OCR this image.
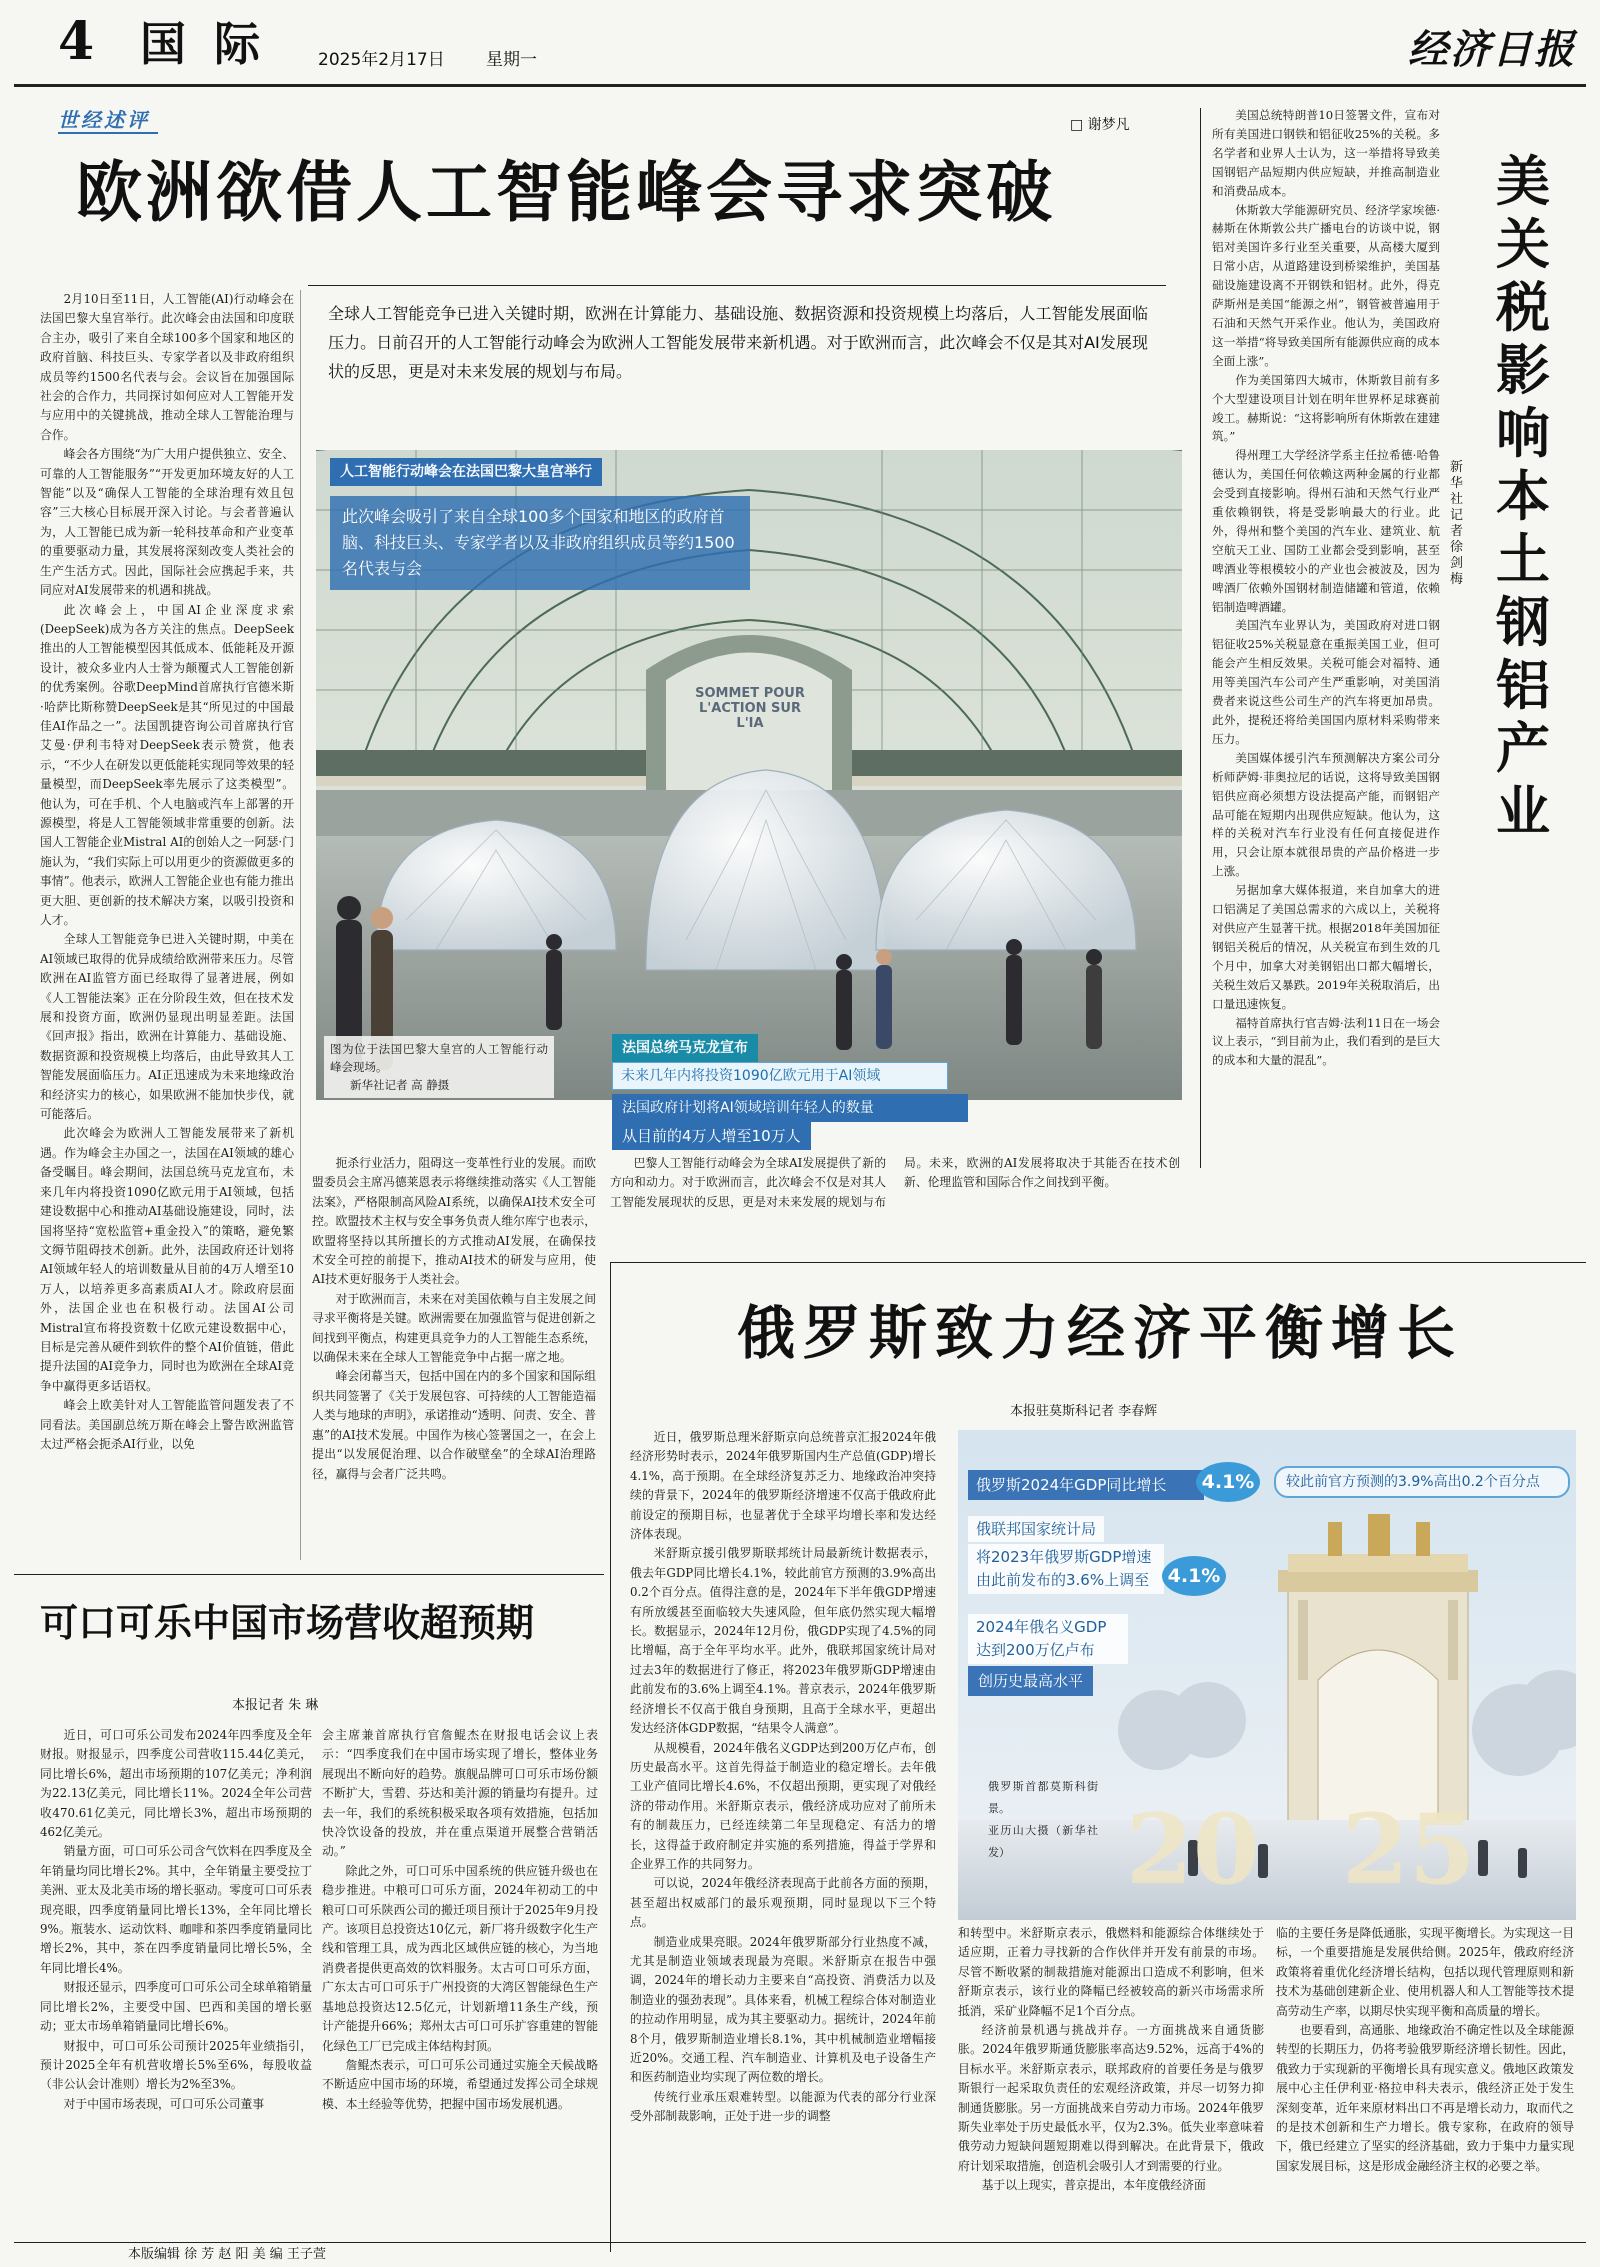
4 国 际	2025年2月17日 星期一	经济日报
世经述评	□ 谢梦凡
欧洲欲借人工智能峰会寻求突破
全球人工智能竞争已进入关键时期，欧洲在计算能力、基础设施、数据资源和投资规模上均落后，人工智能发展面临压力。日前召开的人工智能行动峰会为欧洲人工智能发展带来新机遇。对于欧洲而言，此次峰会不仅是其对AI发展现状的反思，更是对未来发展的规划与布局。

2月10日至11日，人工智能(AI)行动峰会在法国巴黎大皇宫举行。此次峰会由法国和印度联合主办，吸引了来自全球100多个国家和地区的政府首脑、科技巨头、专家学者以及非政府组织成员等约1500名代表与会。会议旨在加强国际社会的合作力，共同探讨如何应对人工智能开发与应用中的关键挑战，推动全球人工智能治理与合作。

峰会各方围绕“为广大用户提供独立、安全、可靠的人工智能服务”“开发更加环境友好的人工智能”以及“确保人工智能的全球治理有效且包容”三大核心目标展开深入讨论。与会者普遍认为，人工智能已成为新一轮科技革命和产业变革的重要驱动力量，其发展将深刻改变人类社会的生产生活方式。因此，国际社会应携起手来，共同应对AI发展带来的机遇和挑战。

此次峰会上，中国AI企业深度求索(DeepSeek)成为各方关注的焦点。DeepSeek推出的人工智能模型因其低成本、低能耗及开源设计，被众多业内人士誉为颠覆式人工智能创新的优秀案例。谷歌DeepMind首席执行官德米斯·哈萨比斯称赞DeepSeek是其“所见过的中国最佳AI作品之一”。法国凯捷咨询公司首席执行官艾曼·伊利韦特对DeepSeek表示赞赏，他表示，“不少人在研发以更低能耗实现同等效果的轻量模型，而DeepSeek率先展示了这类模型”。他认为，可在手机、个人电脑或汽车上部署的开源模型，将是人工智能领域非常重要的创新。法国人工智能企业Mistral AI的创始人之一阿瑟·门施认为，“我们实际上可以用更少的资源做更多的事情”。他表示，欧洲人工智能企业也有能力推出更大胆、更创新的技术解决方案，以吸引投资和人才。

全球人工智能竞争已进入关键时期，中美在AI领域已取得的优异成绩给欧洲带来压力。尽管欧洲在AI监管方面已经取得了显著进展，例如《人工智能法案》正在分阶段生效，但在技术发展和投资方面，欧洲仍显现出明显差距。法国《回声报》指出，欧洲在计算能力、基础设施、数据资源和投资规模上均落后，由此导致其人工智能发展面临压力。AI正迅速成为未来地缘政治和经济实力的核心，如果欧洲不能加快步伐，就可能落后。

此次峰会为欧洲人工智能发展带来了新机遇。作为峰会主办国之一，法国在AI领域的雄心备受瞩目。峰会期间，法国总统马克龙宣布，未来几年内将投资1090亿欧元用于AI领域，包括建设数据中心和推动AI基础设施建设，同时，法国将坚持“宽松监管+重金投入”的策略，避免繁文缛节阻碍技术创新。此外，法国政府还计划将AI领域年轻人的培训数量从目前的4万人增至10万人，以培养更多高素质AI人才。除政府层面外，法国企业也在积极行动。法国AI公司Mistral宣布将投资数十亿欧元建设数据中心，目标是完善从硬件到软件的整个AI价值链，借此提升法国的AI竞争力，同时也为欧洲在全球AI竞争中赢得更多话语权。

峰会上欧美针对人工智能监管问题发表了不同看法。美国副总统万斯在峰会上警告欧洲监管太过严格会扼杀AI行业，以免

SOMMET POUR L'ACTION SUR L'IA
人工智能行动峰会在法国巴黎大皇宫举行
此次峰会吸引了来自全球100多个国家和地区的政府首脑、科技巨头、专家学者以及非政府组织成员等约1500名代表与会
图为位于法国巴黎大皇宫的人工智能行动峰会现场。
新华社记者 高 静摄
法国总统马克龙宣布
未来几年内将投资1090亿欧元用于AI领域
法国政府计划将AI领域培训年轻人的数量
从目前的4万人增至10万人

扼杀行业活力，阻碍这一变革性行业的发展。而欧盟委员会主席冯德莱恩表示将继续推动落实《人工智能法案》，严格限制高风险AI系统，以确保AI技术安全可控。欧盟技术主权与安全事务负责人维尔库宁也表示，欧盟将坚持以其所擅长的方式推动AI发展，在确保技术安全可控的前提下，推动AI技术的研发与应用，使AI技术更好服务于人类社会。

对于欧洲而言，未来在对美国依赖与自主发展之间寻求平衡将是关键。欧洲需要在加强监管与促进创新之间找到平衡点，构建更具竞争力的人工智能生态系统，以确保未来在全球人工智能竞争中占据一席之地。

峰会闭幕当天，包括中国在内的多个国家和国际组织共同签署了《关于发展包容、可持续的人工智能造福人类与地球的声明》，承诺推动“透明、问责、安全、普惠”的AI技术发展。中国作为核心签署国之一，在会上提出“以发展促治理、以合作破壁垒”的全球AI治理路径，赢得与会者广泛共鸣。

巴黎人工智能行动峰会为全球AI发展提供了新的方向和动力。对于欧洲而言，此次峰会不仅是对其人工智能发展现状的反思，更是对未来发展的规划与布局。未来，欧洲的AI发展将取决于其能否在技术创新、伦理监管和国际合作之间找到平衡。

美国总统特朗普10日签署文件，宣布对所有美国进口钢铁和铝征收25%的关税。多名学者和业界人士认为，这一举措将导致美国钢铝产品短期内供应短缺，并推高制造业和消费品成本。

休斯敦大学能源研究员、经济学家埃德·赫斯在休斯敦公共广播电台的访谈中说，钢铝对美国许多行业至关重要，从高楼大厦到日常小店，从道路建设到桥梁维护，美国基础设施建设离不开钢铁和铝材。此外，得克萨斯州是美国“能源之州”，钢管被普遍用于石油和天然气开采作业。他认为，美国政府这一举措“将导致美国所有能源供应商的成本全面上涨”。

作为美国第四大城市，休斯敦目前有多个大型建设项目计划在明年世界杯足球赛前竣工。赫斯说：“这将影响所有休斯敦在建建筑。”

得州理工大学经济学系主任拉希德·哈鲁德认为，美国任何依赖这两种金属的行业都会受到直接影响。得州石油和天然气行业严重依赖钢铁，将是受影响最大的行业。此外，得州和整个美国的汽车业、建筑业、航空航天工业、国防工业都会受到影响，甚至啤酒业等根模较小的产业也会被波及，因为啤酒厂依赖外国钢材制造储罐和管道，依赖铝制造啤酒罐。

美国汽车业界认为，美国政府对进口钢铝征收25%关税显意在重振美国工业，但可能会产生相反效果。关税可能会对福特、通用等美国汽车公司产生严重影响，对美国消费者来说这些公司生产的汽车将更加昂贵。此外，提税还将给美国国内原材料采购带来压力。

美国媒体援引汽车预测解决方案公司分析师萨姆·菲奥拉尼的话说，这将导致美国钢铝供应商必须想方设法提高产能，而钢铝产品可能在短期内出现供应短缺。他认为，这样的关税对汽车行业没有任何直接促进作用，只会让原本就很昂贵的产品价格进一步上涨。

另据加拿大媒体报道，来自加拿大的进口铝满足了美国总需求的六成以上，关税将对供应产生显著干扰。根据2018年美国加征钢铝关税后的情况，从关税宣布到生效的几个月中，加拿大对美钢铝出口都大幅增长，关税生效后又暴跌。2019年关税取消后，出口量迅速恢复。

福特首席执行官吉姆·法利11日在一场会议上表示，“到目前为止，我们看到的是巨大的成本和大量的混乱”。

美关税影响本土钢铝产业
新华社记者 徐剑梅
俄罗斯致力经济平衡增长
本报驻莫斯科记者 李春辉

近日，俄罗斯总理米舒斯京向总统普京汇报2024年俄经济形势时表示，2024年俄罗斯国内生产总值(GDP)增长4.1%，高于预期。在全球经济复苏乏力、地缘政治冲突持续的背景下，2024年的俄罗斯经济增速不仅高于俄政府此前设定的预期目标，也显著优于全球平均增长率和发达经济体表现。

米舒斯京援引俄罗斯联邦统计局最新统计数据表示，俄去年GDP同比增长4.1%，较此前官方预测的3.9%高出0.2个百分点。值得注意的是，2024年下半年俄GDP增速有所放缓甚至面临较大失速风险，但年底仍然实现大幅增长。数据显示，2024年12月份，俄GDP实现了4.5%的同比增幅，高于全年平均水平。此外，俄联邦国家统计局对过去3年的数据进行了修正，将2023年俄罗斯GDP增速由此前发布的3.6%上调至4.1%。普京表示，2024年俄罗斯经济增长不仅高于俄自身预期，且高于全球水平，更超出发达经济体GDP数据，“结果令人满意”。

从规模看，2024年俄名义GDP达到200万亿卢布，创历史最高水平。这首先得益于制造业的稳定增长。去年俄工业产值同比增长4.6%，不仅超出预期，更实现了对俄经济的带动作用。米舒斯京表示，俄经济成功应对了前所未有的制裁压力，已经连续第二年呈现稳定、有活力的增长，这得益于政府制定并实施的系列措施，得益于学界和企业界工作的共同努力。

可以说，2024年俄经济表现高于此前各方面的预期，甚至超出权威部门的最乐观预期，同时显现以下三个特点。

制造业成果亮眼。2024年俄罗斯部分行业热度不减，尤其是制造业领域表现最为亮眼。米舒斯京在报告中强调，2024年的增长动力主要来自“高投资、消费活力以及制造业的强劲表现”。具体来看，机械工程综合体对制造业的拉动作用明显，成为其主要驱动力。据统计，2024年前8个月，俄罗斯制造业增长8.1%，其中机械制造业增幅接近20%。交通工程、汽车制造业、计算机及电子设备生产和医药制造业均实现了两位数的增长。

传统行业承压艰难转型。以能源为代表的部分行业深受外部制裁影响，正处于进一步的调整

20 25
俄罗斯2024年GDP同比增长	4.1%	较此前官方预测的3.9%高出0.2个百分点
俄联邦国家统计局
将2023年俄罗斯GDP增速由此前发布的3.6%上调至 4.1%
2024年俄名义GDP达到200万亿卢布
创历史最高水平
俄罗斯首都莫斯科街景。
亚历山大摄（新华社发）

和转型中。米舒斯京表示，俄燃料和能源综合体继续处于适应期，正着力寻找新的合作伙伴并开发有前景的市场。尽管不断收紧的制裁措施对能源出口造成不利影响，但米舒斯京表示，该行业的降幅已经被较高的新兴市场需求所抵消，采矿业降幅不足1个百分点。

经济前景机遇与挑战并存。一方面挑战来自通货膨胀。2024年俄罗斯通货膨胀率高达9.52%，远高于4%的目标水平。米舒斯京表示，联邦政府的首要任务是与俄罗斯银行一起采取负责任的宏观经济政策，并尽一切努力抑制通货膨胀。另一方面挑战来自劳动力市场。2024年俄罗斯失业率处于历史最低水平，仅为2.3%。低失业率意味着俄劳动力短缺问题短期难以得到解决。在此背景下，俄政府计划采取措施，创造机会吸引人才到需要的行业。

基于以上现实，普京提出，本年度俄经济面

临的主要任务是降低通胀，实现平衡增长。为实现这一目标，一个重要措施是发展供给侧。2025年，俄政府经济政策将着重优化经济增长结构，包括以现代管理原则和新技术为基础创建新企业、使用机器人和人工智能等技术提高劳动生产率，以期尽快实现平衡和高质量的增长。

也要看到，高通胀、地缘政治不确定性以及全球能源转型的长期压力，仍将考验俄罗斯经济增长韧性。因此，俄致力于实现新的平衡增长具有现实意义。俄地区政策发展中心主任伊利亚·格拉申科夫表示，俄经济正处于发生深刻变革，近年来原材料出口不再是增长动力，取而代之的是技术创新和生产力增长。俄专家称，在政府的领导下，俄已经建立了坚实的经济基础，致力于集中力量实现国家发展目标，这是形成金融经济主权的必要之举。

可口可乐中国市场营收超预期
本报记者 朱 琳

近日，可口可乐公司发布2024年四季度及全年财报。财报显示，四季度公司营收115.44亿美元，同比增长6%，超出市场预期的107亿美元；净利润为22.13亿美元，同比增长11%。2024全年公司营收470.61亿美元，同比增长3%，超出市场预期的462亿美元。

销量方面，可口可乐公司含气饮料在四季度及全年销量均同比增长2%。其中，全年销量主要受拉丁美洲、亚太及北美市场的增长驱动。零度可口可乐表现亮眼，四季度销量同比增长13%，全年同比增长9%。瓶装水、运动饮料、咖啡和茶四季度销量同比增长2%，其中，茶在四季度销量同比增长5%，全年同比增长4%。

财报还显示，四季度可口可乐公司全球单箱销量同比增长2%，主要受中国、巴西和美国的增长驱动；亚太市场单箱销量同比增长6%。

财报中，可口可乐公司预计2025年业绩指引，预计2025全年有机营收增长5%至6%，每股收益（非公认会计准则）增长为2%至3%。

对于中国市场表现，可口可乐公司董事

会主席兼首席执行官詹鲲杰在财报电话会议上表示：“四季度我们在中国市场实现了增长，整体业务展现出不断向好的趋势。旗舰品牌可口可乐市场份额不断扩大，雪碧、芬达和美汁源的销量均有提升。过去一年，我们的系统积极采取各项有效措施，包括加快冷饮设备的投放，并在重点渠道开展整合营销活动。”

除此之外，可口可乐中国系统的供应链升级也在稳步推进。中粮可口可乐方面，2024年初动工的中粮可口可乐陕西公司的搬迁项目预计于2025年9月投产。该项目总投资达10亿元，新厂将升级数字化生产线和管理工具，成为西北区域供应链的核心，为当地消费者提供更高效的饮料服务。太古可口可乐方面，广东太古可口可乐于广州投资的大湾区智能绿色生产基地总投资达12.5亿元，计划新增11条生产线，预计产能提升66%；郑州太古可口可乐扩容重建的智能化绿色工厂已完成主体结构封顶。

詹鲲杰表示，可口可乐公司通过实施全天候战略不断适应中国市场的环境，希望通过发挥公司全球规模、本土经验等优势，把握中国市场发展机遇。

本版编辑 徐 芳 赵 阳 美 编 王子萱
